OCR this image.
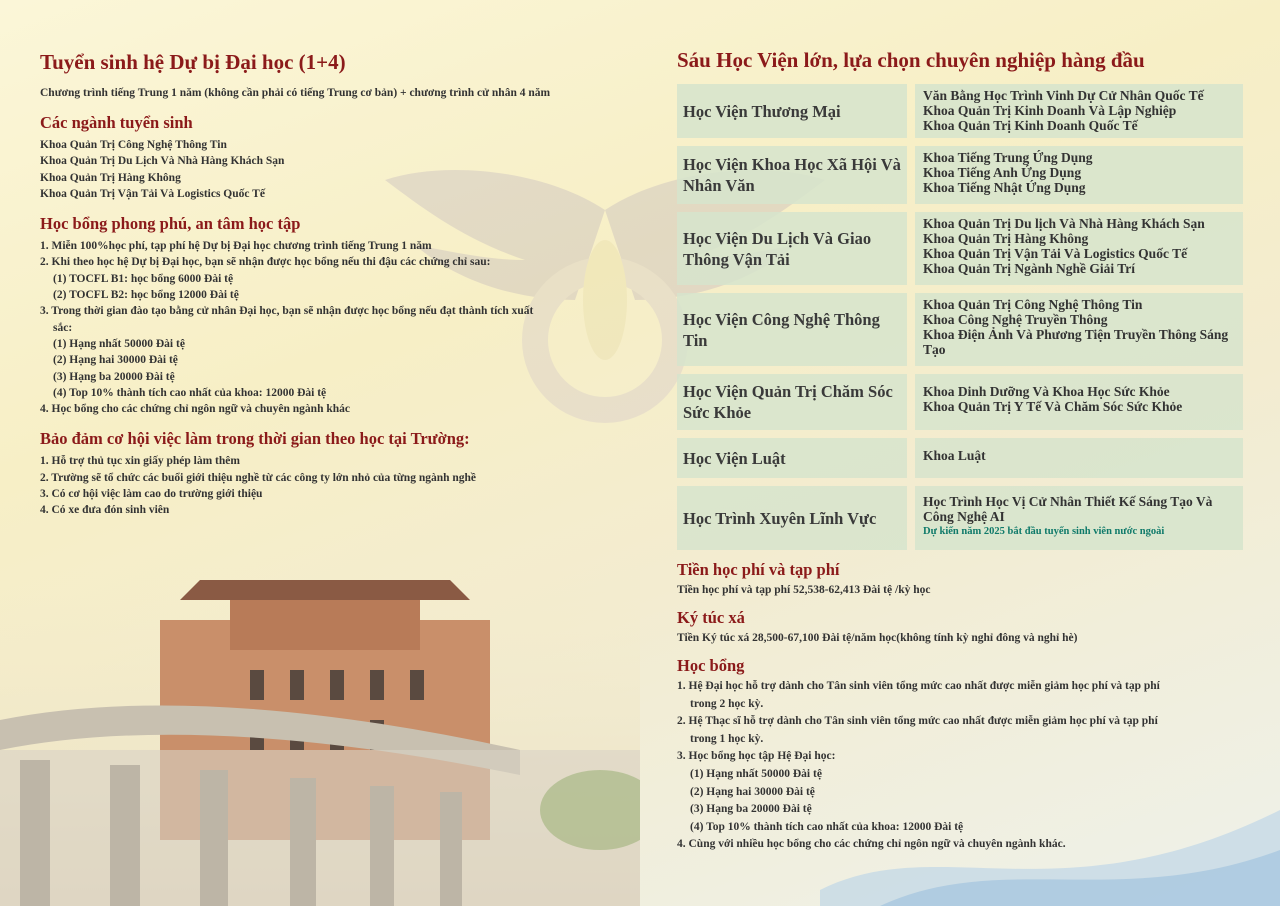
Tuyển sinh hệ Dự bị Đại học (1+4)

Chương trình tiếng Trung 1 năm (không cần phải có tiếng Trung cơ bản) + chương trình cử nhân 4 năm

Các ngành tuyển sinh
Khoa Quản Trị Công Nghệ Thông Tin
Khoa Quản Trị Du Lịch Và Nhà Hàng Khách Sạn
Khoa Quản Trị Hàng Không
Khoa Quản Trị Vận Tải Và Logistics Quốc Tế
Học bổng phong phú, an tâm học tập
1. Miễn 100%học phí, tạp phí hệ Dự bị Đại học chương trình tiếng Trung 1 năm
2. Khi theo học hệ Dự bị Đại học, bạn sẽ nhận được học bổng nếu thi đậu các chứng chỉ sau:
(1) TOCFL B1: học bổng 6000 Đài tệ
(2) TOCFL B2: học bổng 12000 Đài tệ
3. Trong thời gian đào tạo bằng cử nhân Đại học, bạn sẽ nhận được học bổng nếu đạt thành tích xuất
sắc:
(1) Hạng nhất 50000 Đài tệ
(2) Hạng hai 30000 Đài tệ
(3) Hạng ba 20000 Đài tệ
(4) Top 10% thành tích cao nhất của khoa: 12000 Đài tệ
4. Học bổng cho các chứng chỉ ngôn ngữ và chuyên ngành khác
Bảo đảm cơ hội việc làm trong thời gian theo học tại Trường:
1. Hỗ trợ thủ tục xin giấy phép làm thêm
2. Trường sẽ tổ chức các buổi giới thiệu nghề từ các công ty lớn nhỏ của từng ngành nghề
3. Có cơ hội việc làm cao do trường giới thiệu
4. Có xe đưa đón sinh viên
Sáu Học Viện lớn, lựa chọn chuyên nghiệp hàng đầu
Học Viện Thương Mại
Văn Bằng Học Trình Vinh Dự Cử Nhân Quốc Tế
Khoa Quản Trị Kinh Doanh Và Lập Nghiệp
Khoa Quản Trị Kinh Doanh Quốc Tế
Học Viện Khoa Học Xã Hội Và Nhân Văn
Khoa Tiếng Trung Ứng Dụng
Khoa Tiếng Anh Ứng Dụng
Khoa Tiếng Nhật Ứng Dụng
Học Viện Du Lịch Và Giao Thông Vận Tải
Khoa Quản Trị Du lịch Và Nhà Hàng Khách Sạn
Khoa Quản Trị Hàng Không
Khoa Quản Trị Vận Tải Và Logistics Quốc Tế
Khoa Quản Trị Ngành Nghề Giải Trí
Học Viện Công Nghệ Thông Tin
Khoa Quản Trị Công Nghệ Thông Tin
Khoa Công Nghệ Truyền Thông
Khoa Điện Ảnh Và Phương Tiện Truyền Thông Sáng Tạo
Học Viện Quản Trị Chăm Sóc Sức Khỏe
Khoa Dinh Dưỡng Và Khoa Học Sức Khỏe
Khoa Quản Trị Y Tế Và Chăm Sóc Sức Khỏe
Học Viện Luật	Khoa Luật
Học Trình Xuyên Lĩnh Vực
Học Trình Học Vị Cử Nhân Thiết Kế Sáng Tạo Và Công Nghệ AI
Dự kiến năm 2025 bắt đầu tuyển sinh viên nước ngoài
Tiền học phí và tạp phí

Tiền học phí và tạp phí 52,538-62,413 Đài tệ /kỳ học

Ký túc xá

Tiền Ký túc xá 28,500-67,100 Đài tệ/năm học(không tính kỳ nghỉ đông và nghỉ hè)

Học bổng
1. Hệ Đại học hỗ trợ dành cho Tân sinh viên tổng mức cao nhất được miễn giảm học phí và tạp phí
trong 2 học kỳ.
2. Hệ Thạc sĩ hỗ trợ dành cho Tân sinh viên tổng mức cao nhất được miễn giảm học phí và tạp phí
trong 1 học kỳ.
3. Học bổng học tập Hệ Đại học:
(1) Hạng nhất 50000 Đài tệ
(2) Hạng hai 30000 Đài tệ
(3) Hạng ba 20000 Đài tệ
(4) Top 10% thành tích cao nhất của khoa: 12000 Đài tệ
4. Cùng với nhiều học bổng cho các chứng chỉ ngôn ngữ và chuyên ngành khác.
